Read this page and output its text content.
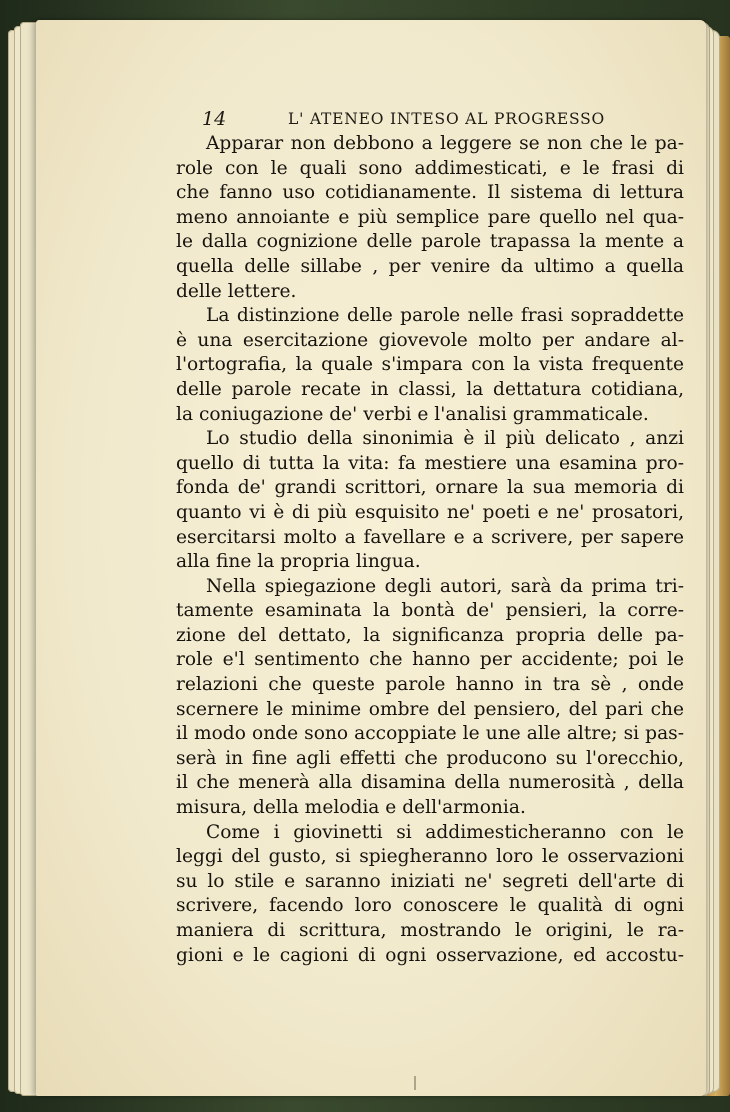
14	L' ATENEO INTESO AL PROGRESSO
Apparar non debbono a leggere se non che le pa-
role con le quali sono addimesticati, e le frasi di
che fanno uso cotidianamente. Il sistema di lettura
meno annoiante e più semplice pare quello nel qua-
le dalla cognizione delle parole trapassa la mente a
quella delle sillabe , per venire da ultimo a quella
delle lettere.
La distinzione delle parole nelle frasi sopraddette
è una esercitazione giovevole molto per andare al-
l'ortografia, la quale s'impara con la vista frequente
delle parole recate in classi, la dettatura cotidiana,
la coniugazione de' verbi e l'analisi grammaticale.
Lo studio della sinonimia è il più delicato , anzi
quello di tutta la vita: fa mestiere una esamina pro-
fonda de' grandi scrittori, ornare la sua memoria di
quanto vi è di più esquisito ne' poeti e ne' prosatori,
esercitarsi molto a favellare e a scrivere, per sapere
alla fine la propria lingua.
Nella spiegazione degli autori, sarà da prima tri-
tamente esaminata la bontà de' pensieri, la corre-
zione del dettato, la significanza propria delle pa-
role e'l sentimento che hanno per accidente; poi le
relazioni che queste parole hanno in tra sè , onde
scernere le minime ombre del pensiero, del pari che
il modo onde sono accoppiate le une alle altre; si pas-
serà in fine agli effetti che producono su l'orecchio,
il che menerà alla disamina della numerosità , della
misura, della melodia e dell'armonia.
Come i giovinetti si addimesticheranno con le
leggi del gusto, si spiegheranno loro le osservazioni
su lo stile e saranno iniziati ne' segreti dell'arte di
scrivere, facendo loro conoscere le qualità di ogni
maniera di scrittura, mostrando le origini, le ra-
gioni e le cagioni di ogni osservazione, ed accostu-
